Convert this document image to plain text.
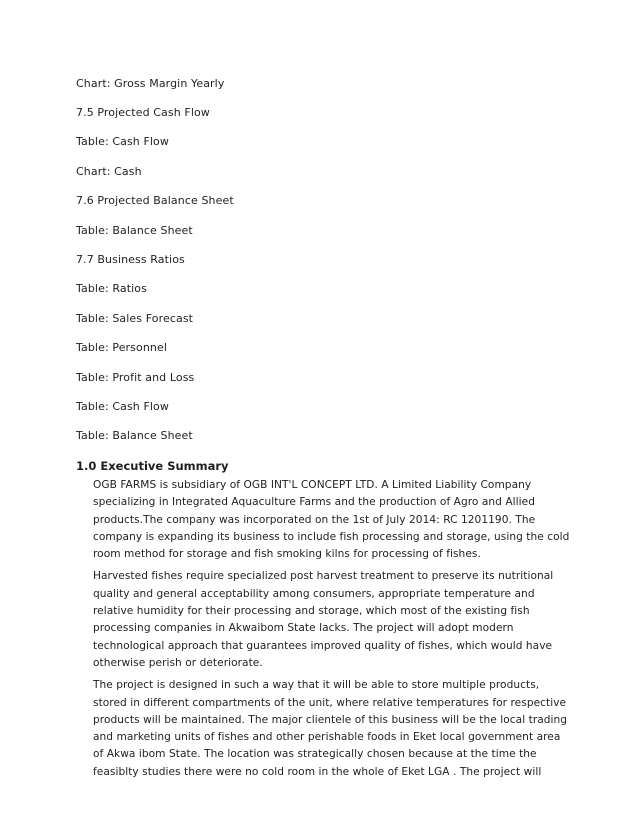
Chart: Gross Margin Yearly
7.5 Projected Cash Flow
Table: Cash Flow
Chart: Cash
7.6 Projected Balance Sheet
Table: Balance Sheet
7.7 Business Ratios
Table: Ratios
Table: Sales Forecast
Table: Personnel
Table: Profit and Loss
Table: Cash Flow
Table: Balance Sheet
1.0 Executive Summary

OGB FARMS is subsidiary of OGB INT'L CONCEPT LTD. A Limited Liability Company
specializing in Integrated Aquaculture Farms and the production of Agro and Allied
products.The company was incorporated on the 1st of July 2014: RC 1201190. The
company is expanding its business to include fish processing and storage, using the cold
room method for storage and fish smoking kilns for processing of fishes.

Harvested fishes require specialized post harvest treatment to preserve its nutritional
quality and general acceptability among consumers, appropriate temperature and
relative humidity for their processing and storage, which most of the existing fish
processing companies in Akwaibom State lacks. The project will adopt modern
technological approach that guarantees improved quality of fishes, which would have
otherwise perish or deteriorate.

The project is designed in such a way that it will be able to store multiple products,
stored in different compartments of the unit, where relative temperatures for respective
products will be maintained. The major clientele of this business will be the local trading
and marketing units of fishes and other perishable foods in Eket local government area
of Akwa ibom State. The location was strategically chosen because at the time the
feasiblty studies there were no cold room in the whole of Eket LGA . The project will
